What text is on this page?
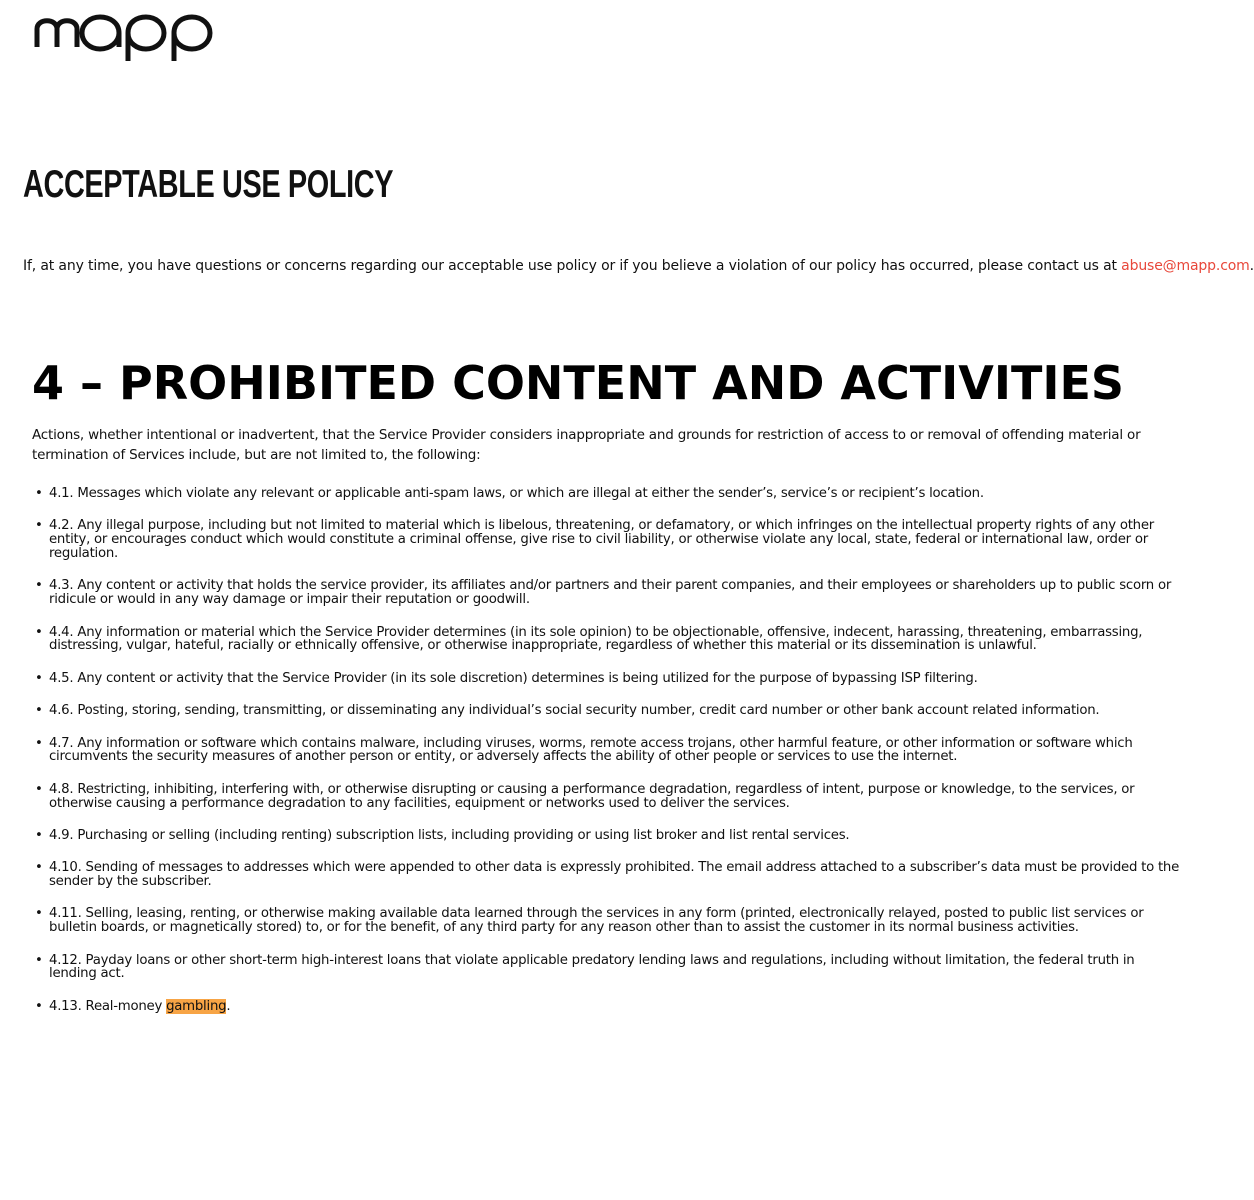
ACCEPTABLE USE POLICY

If, at any time, you have questions or concerns regarding our acceptable use policy or if you believe a violation of our policy has occurred, please contact us at abuse@mapp.com.

4 – PROHIBITED CONTENT AND ACTIVITIES

Actions, whether intentional or inadvertent, that the Service Provider considers inappropriate and grounds for restriction of access to or removal of offending material or termination of Services include, but are not limited to, the following:

• 4.1. Messages which violate any relevant or applicable anti-spam laws, or which are illegal at either the sender’s, service’s or recipient’s location.
• 4.2. Any illegal purpose, including but not limited to material which is libelous, threatening, or defamatory, or which infringes on the intellectual property rights of any other entity, or encourages conduct which would constitute a criminal offense, give rise to civil liability, or otherwise violate any local, state, federal or international law, order or regulation.
• 4.3. Any content or activity that holds the service provider, its affiliates and/or partners and their parent companies, and their employees or shareholders up to public scorn or ridicule or would in any way damage or impair their reputation or goodwill.
• 4.4. Any information or material which the Service Provider determines (in its sole opinion) to be objectionable, offensive, indecent, harassing, threatening, embarrassing, distressing, vulgar, hateful, racially or ethnically offensive, or otherwise inappropriate, regardless of whether this material or its dissemination is unlawful.
• 4.5. Any content or activity that the Service Provider (in its sole discretion) determines is being utilized for the purpose of bypassing ISP filtering.
• 4.6. Posting, storing, sending, transmitting, or disseminating any individual’s social security number, credit card number or other bank account related information.
• 4.7. Any information or software which contains malware, including viruses, worms, remote access trojans, other harmful feature, or other information or software which circumvents the security measures of another person or entity, or adversely affects the ability of other people or services to use the internet.
• 4.8. Restricting, inhibiting, interfering with, or otherwise disrupting or causing a performance degradation, regardless of intent, purpose or knowledge, to the services, or otherwise causing a performance degradation to any facilities, equipment or networks used to deliver the services.
• 4.9. Purchasing or selling (including renting) subscription lists, including providing or using list broker and list rental services.
• 4.10. Sending of messages to addresses which were appended to other data is expressly prohibited. The email address attached to a subscriber’s data must be provided to the sender by the subscriber.
• 4.11. Selling, leasing, renting, or otherwise making available data learned through the services in any form (printed, electronically relayed, posted to public list services or bulletin boards, or magnetically stored) to, or for the benefit, of any third party for any reason other than to assist the customer in its normal business activities.
• 4.12. Payday loans or other short-term high-interest loans that violate applicable predatory lending laws and regulations, including without limitation, the federal truth in lending act.
• 4.13. Real-money gambling.
